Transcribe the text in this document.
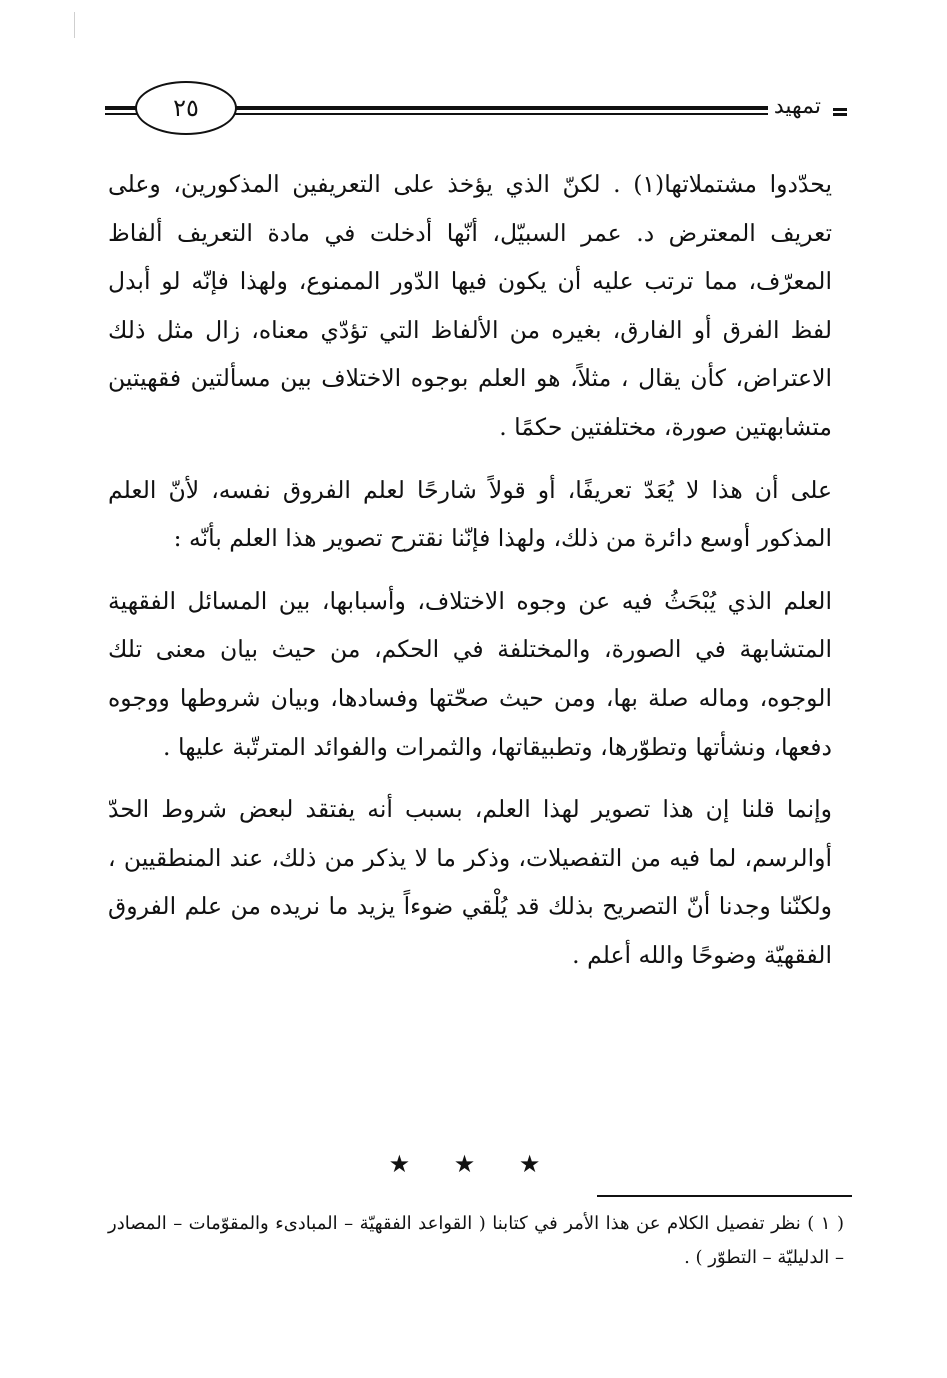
٢٥	تمهيد

يحدّدوا مشتملاتها(١) . لكنّ الذي يؤخذ على التعريفين المذكورين، وعلى تعريف المعترض د. عمر السبيّل، أنّها أدخلت في مادة التعريف ألفاظ المعرّف، مما ترتب عليه أن يكون فيها الدّور الممنوع، ولهذا فإنّه لو أبدل لفظ الفرق أو الفارق، بغيره من الألفاظ التي تؤدّي معناه، زال مثل ذلك الاعتراض، كأن يقال ، مثلاً، هو العلم بوجوه الاختلاف بين مسألتين فقهيتين متشابهتين صورة، مختلفتين حكمًا .

على أن هذا لا يُعَدّ تعريفًا، أو قولاً شارحًا لعلم الفروق نفسه، لأنّ العلم المذكور أوسع دائرة من ذلك، ولهذا فإنّنا نقترح تصوير هذا العلم بأنّه :

العلم الذي يُبْحَثُ فيه عن وجوه الاختلاف، وأسبابها، بين المسائل الفقهية المتشابهة في الصورة، والمختلفة في الحكم، من حيث بيان معنى تلك الوجوه، وماله صلة بها، ومن حيث صحّتها وفسادها، وبيان شروطها ووجوه دفعها، ونشأتها وتطوّرها، وتطبيقاتها، والثمرات والفوائد المترتّبة عليها .

وإنما قلنا إن هذا تصوير لهذا العلم، بسبب أنه يفتقد لبعض شروط الحدّ أوالرسم، لما فيه من التفصيلات، وذكر ما لا يذكر من ذلك، عند المنطقيين ، ولكنّنا وجدنا أنّ التصريح بذلك قد يُلْقي ضوءاً يزيد ما نريده من علم الفروق الفقهيّة وضوحًا والله أعلم .

★ ★ ★
( ١ ) نظر تفصيل الكلام عن هذا الأمر في كتابنا ( القواعد الفقهيّة – المبادىء والمقوّمات – المصادر – الدليليّة – التطوّر ) .
